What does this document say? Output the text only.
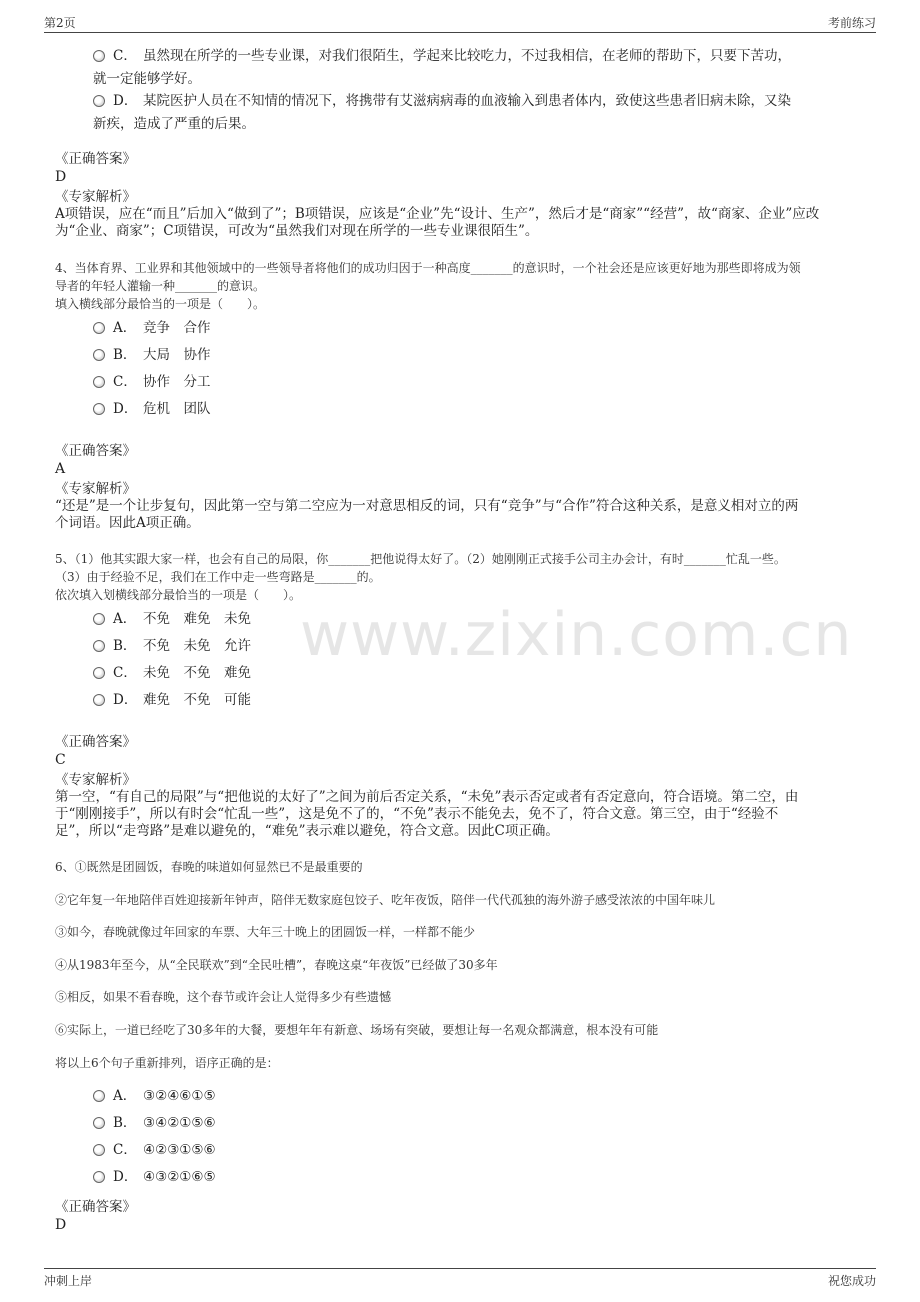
第2页	考前练习
www.zixin.com.cn
C． 虽然现在所学的一些专业课，对我们很陌生，学起来比较吃力，不过我相信，在老师的帮助下，只要下苦功，
就一定能够学好。
D． 某院医护人员在不知情的情况下，将携带有艾滋病病毒的血液输入到患者体内，致使这些患者旧病未除，又染
新疾，造成了严重的后果。
《正确答案》
D
《专家解析》
A项错误，应在“而且”后加入“做到了”；B项错误，应该是“企业”先“设计、生产”，然后才是“商家”“经营”，故“商家、企业”应改
为“企业、商家”；C项错误，可改为“虽然我们对现在所学的一些专业课很陌生”。
4、当体育界、工业界和其他领域中的一些领导者将他们的成功归因于一种高度_______的意识时，一个社会还是应该更好地为那些即将成为领
导者的年轻人灌输一种_______的意识。
填入横线部分最恰当的一项是（　　）。
A． 竞争　合作
B． 大局　协作
C． 协作　分工
D． 危机　团队
《正确答案》
A
《专家解析》
“还是”是一个让步复句，因此第一空与第二空应为一对意思相反的词，只有“竞争”与“合作”符合这种关系，是意义相对立的两
个词语。因此A项正确。
5、（1）他其实跟大家一样，也会有自己的局限，你_______把他说得太好了。（2）她刚刚正式接手公司主办会计，有时_______忙乱一些。
（3）由于经验不足，我们在工作中走一些弯路是_______的。
依次填入划横线部分最恰当的一项是（　　）。
A． 不免　难免　未免
B． 不免　未免　允许
C． 未免　不免　难免
D． 难免　不免　可能
《正确答案》
C
《专家解析》
第一空，“有自己的局限”与“把他说的太好了”之间为前后否定关系，“未免”表示否定或者有否定意向，符合语境。第二空，由
于“刚刚接手”，所以有时会“忙乱一些”，这是免不了的，“不免”表示不能免去，免不了，符合文意。第三空，由于“经验不
足”，所以“走弯路”是难以避免的，“难免”表示难以避免，符合文意。因此C项正确。
6、①既然是团圆饭，春晚的味道如何显然已不是最重要的
②它年复一年地陪伴百姓迎接新年钟声，陪伴无数家庭包饺子、吃年夜饭，陪伴一代代孤独的海外游子感受浓浓的中国年味儿
③如今，春晚就像过年回家的车票、大年三十晚上的团圆饭一样，一样都不能少
④从1983年至今，从“全民联欢”到“全民吐槽”，春晚这桌“年夜饭”已经做了30多年
⑤相反，如果不看春晚，这个春节或许会让人觉得多少有些遗憾
⑥实际上，一道已经吃了30多年的大餐，要想年年有新意、场场有突破，要想让每一名观众都满意，根本没有可能
将以上6个句子重新排列，语序正确的是：
A． ③②④⑥①⑤
B． ③④②①⑤⑥
C． ④②③①⑤⑥
D． ④③②①⑥⑤
《正确答案》
D
冲刺上岸	祝您成功
